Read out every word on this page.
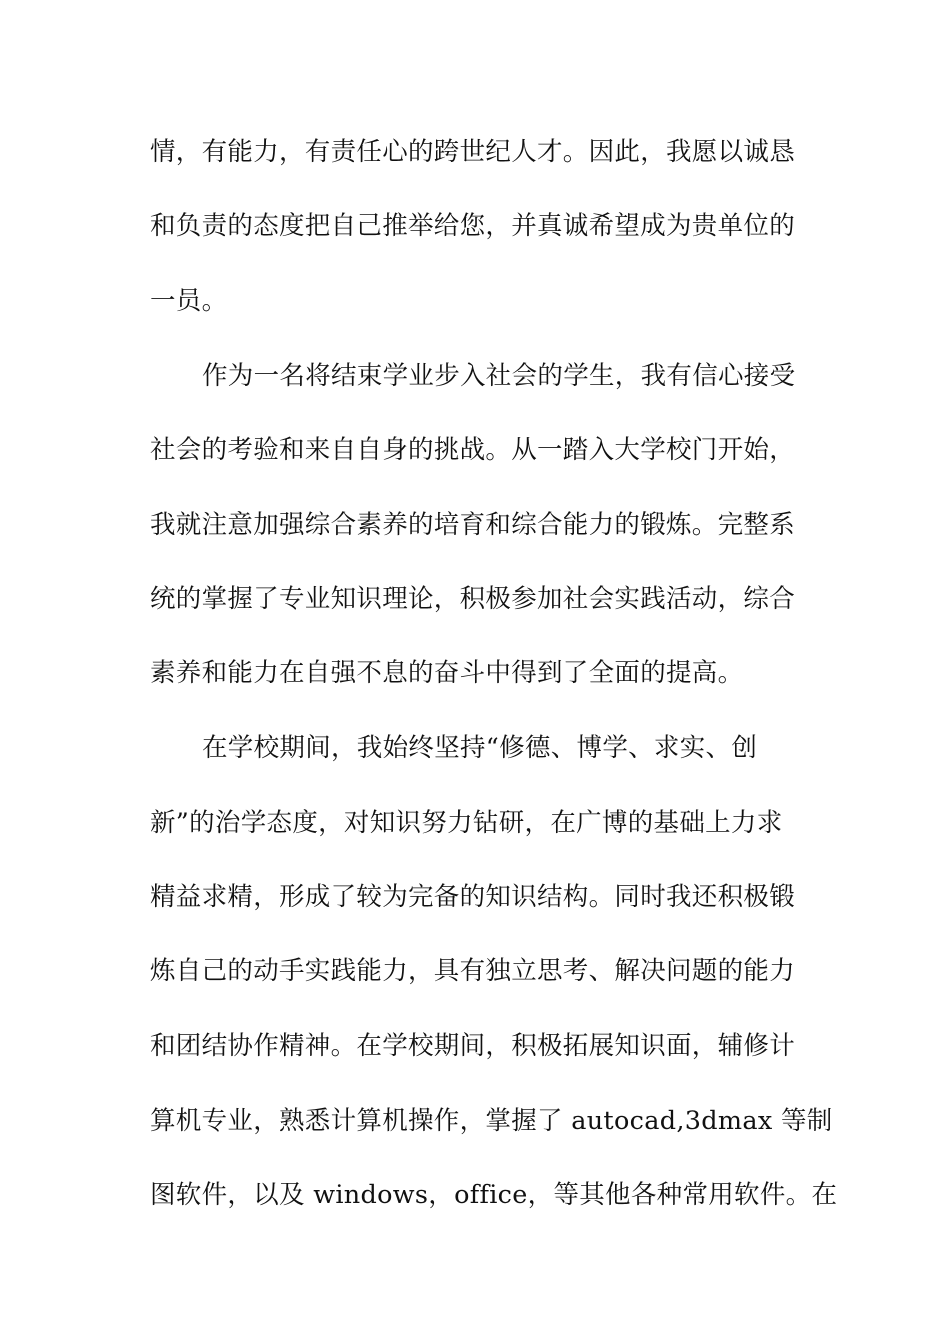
情，有能力，有责任心的跨世纪人才。因此，我愿以诚恳
和负责的态度把自己推举给您，并真诚希望成为贵单位的
一员。
作为一名将结束学业步入社会的学生，我有信心接受
社会的考验和来自自身的挑战。从一踏入大学校门开始，
我就注意加强综合素养的培育和综合能力的锻炼。完整系
统的掌握了专业知识理论，积极参加社会实践活动，综合
素养和能力在自强不息的奋斗中得到了全面的提高。
在学校期间，我始终坚持“修德、博学、求实、创
新”的治学态度，对知识努力钻研，在广博的基础上力求
精益求精，形成了较为完备的知识结构。同时我还积极锻
炼自己的动手实践能力，具有独立思考、解决问题的能力
和团结协作精神。在学校期间，积极拓展知识面，辅修计
算机专业，熟悉计算机操作，掌握了 autocad,3dmax 等制
图软件，以及 windows，office，等其他各种常用软件。在
